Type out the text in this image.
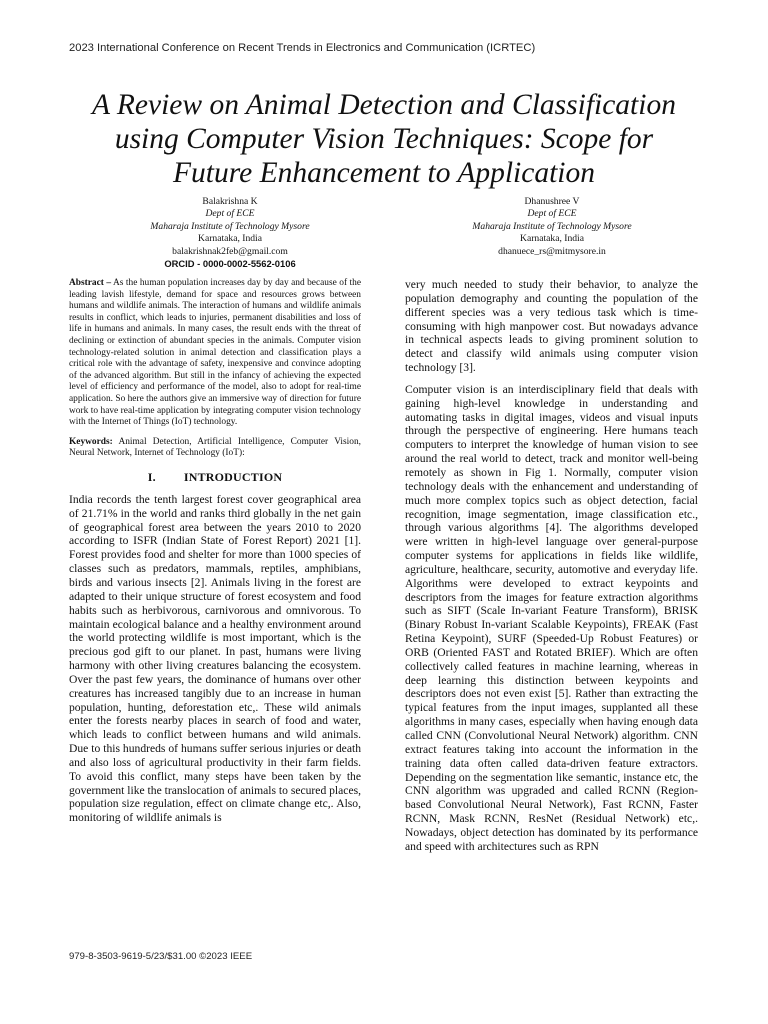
2023 International Conference on Recent Trends in Electronics and Communication (ICRTEC)
A Review on Animal Detection and Classification
using Computer Vision Techniques: Scope for
Future Enhancement to Application
Balakrishna K
Dept of ECE
Maharaja Institute of Technology Mysore
Karnataka, India
balakrishnak2feb@gmail.com
ORCID - 0000-0002-5562-0106
Dhanushree V
Dept of ECE
Maharaja Institute of Technology Mysore
Karnataka, India
dhanuece_rs@mitmysore.in

Abstract – As the human population increases day by day and because of the leading lavish lifestyle, demand for space and resources grows between humans and wildlife animals. The interaction of humans and wildlife animals results in conflict, which leads to injuries, permanent disabilities and loss of life in humans and animals. In many cases, the result ends with the threat of declining or extinction of abundant species in the animals. Computer vision technology-related solution in animal detection and classification plays a critical role with the advantage of safety, inexpensive and convince adopting of the advanced algorithm. But still in the infancy of achieving the expected level of efficiency and performance of the model, also to adopt for real-time application. So here the authors give an immersive way of direction for future work to have real-time application by integrating computer vision technology with the Internet of Things (IoT) technology.

Keywords: Animal Detection, Artificial Intelligence, Computer Vision, Neural Network, Internet of Technology (IoT):

I. INTRODUCTION

India records the tenth largest forest cover geographical area of 21.71% in the world and ranks third globally in the net gain of geographical forest area between the years 2010 to 2020 according to ISFR (Indian State of Forest Report) 2021 [1]. Forest provides food and shelter for more than 1000 species of classes such as predators, mammals, reptiles, amphibians, birds and various insects [2]. Animals living in the forest are adapted to their unique structure of forest ecosystem and food habits such as herbivorous, carnivorous and omnivorous. To maintain ecological balance and a healthy environment around the world protecting wildlife is most important, which is the precious god gift to our planet. In past, humans were living harmony with other living creatures balancing the ecosystem. Over the past few years, the dominance of humans over other creatures has increased tangibly due to an increase in human population, hunting, deforestation etc,. These wild animals enter the forests nearby places in search of food and water, which leads to conflict between humans and wild animals. Due to this hundreds of humans suffer serious injuries or death and also loss of agricultural productivity in their farm fields. To avoid this conflict, many steps have been taken by the government like the translocation of animals to secured places, population size regulation, effect on climate change etc,. Also, monitoring of wildlife animals is

very much needed to study their behavior, to analyze the population demography and counting the population of the different species was a very tedious task which is time-consuming with high manpower cost. But nowadays advance in technical aspects leads to giving prominent solution to detect and classify wild animals using computer vision technology [3].

Computer vision is an interdisciplinary field that deals with gaining high-level knowledge in understanding and automating tasks in digital images, videos and visual inputs through the perspective of engineering. Here humans teach computers to interpret the knowledge of human vision to see around the real world to detect, track and monitor well-being remotely as shown in Fig 1. Normally, computer vision technology deals with the enhancement and understanding of much more complex topics such as object detection, facial recognition, image segmentation, image classification etc., through various algorithms [4]. The algorithms developed were written in high-level language over general-purpose computer systems for applications in fields like wildlife, agriculture, healthcare, security, automotive and everyday life. Algorithms were developed to extract keypoints and descriptors from the images for feature extraction algorithms such as SIFT (Scale In-variant Feature Transform), BRISK (Binary Robust In-variant Scalable Keypoints), FREAK (Fast Retina Keypoint), SURF (Speeded-Up Robust Features) or ORB (Oriented FAST and Rotated BRIEF). Which are often collectively called features in machine learning, whereas in deep learning this distinction between keypoints and descriptors does not even exist [5]. Rather than extracting the typical features from the input images, supplanted all these algorithms in many cases, especially when having enough data called CNN (Convolutional Neural Network) algorithm. CNN extract features taking into account the information in the training data often called data-driven feature extractors. Depending on the segmentation like semantic, instance etc, the CNN algorithm was upgraded and called RCNN (Region-based Convolutional Neural Network), Fast RCNN, Faster RCNN, Mask RCNN, ResNet (Residual Network) etc,. Nowadays, object detection has dominated by its performance and speed with architectures such as RPN

979-8-3503-9619-5/23/$31.00 ©2023 IEEE
